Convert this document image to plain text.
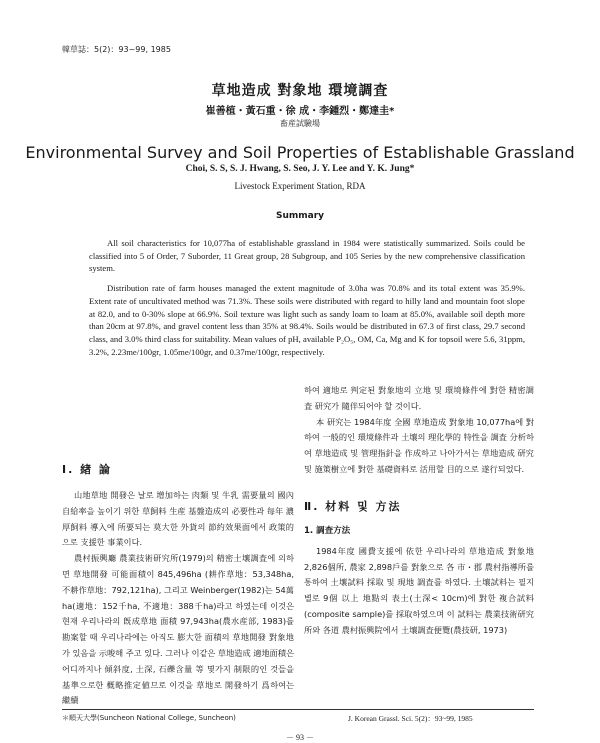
韓草誌：5(2)：93~99, 1985
草地造成 對象地 環境調査
崔善植・黃石重・徐 成・李鍾烈・鄭達圭*
畜産試驗場
Environmental Survey and Soil Properties of Establishable Grassland
Choi, S. S, S. J. Hwang, S. Seo, J. Y. Lee and Y. K. Jung*
Livestock Experiment Station, RDA
Summary

All soil characteristics for 10,077ha of establishable grassland in 1984 were statistically summarized. Soils could be classified into 5 of Order, 7 Suborder, 11 Great group, 28 Subgroup, and 105 Series by the new comprehensive classification system.

Distribution rate of farm houses managed the extent magnitude of 3.0ha was 70.8% and its total extent was 35.9%. Extent rate of uncultivated method was 71.3%. These soils were distributed with regard to hilly land and mountain foot slope at 82.0, and to 0-30% slope at 66.9%. Soil texture was light such as sandy loam to loam at 85.0%, available soil depth more than 20cm at 97.8%, and gravel content less than 35% at 98.4%. Soils would be distributed in 67.3 of first class, 29.7 second class, and 3.0% third class for suitability. Mean values of pH, available P₂O₅, OM, Ca, Mg and K for topsoil were 5.6, 31ppm, 3.2%, 2.23me/100gr, 1.05me/100gr, and 0.37me/100gr, respectively.

Ⅰ. 緖 論

山地草地 開發은 날로 增加하는 肉類 및 牛乳 需要量의 國內 自給率을 높이기 위한 草飼料 生産 基盤造成의 必要性과 每年 濃厚飼料 導入에 所要되는 莫大한 外貨의 節約效果面에서 政策的으로 支援한 事業이다.

農村振興廳 農業技術研究所(1979)의 精密土壤調査에 의하면 草地開發 可能面積이 845,496ha (耕作草地：53,348ha, 不耕作草地：792,121ha), 그리고 Weinberger(1982)는 54萬ha(適地：152千ha, 不適地：388千ha)라고 하였는데 이것은 현재 우리나라의 旣成草地 面積 97,943ha(農水産部, 1983)를 勘案할 때 우리나라에는 아직도 膨大한 面積의 草地開發 對象地가 있음을 示唆해 주고 있다. 그러나 이같은 草地造成 適地面積은 어디까지나 傾斜度, 土深, 石礫含量 等 몇가지 制限的인 것들을 基準으로한 概略推定値므로 이것을 草地로 開發하기 爲하여는 繼續

하여 適地로 判定된 對象地의 立地 및 環境條件에 對한 精密調査 研究가 隨伴되어야 할 것이다.

本 研究는 1984年度 全國 草地造成 對象地 10,077ha에 對하여 一般的인 環境條件과 土壤의 理化學的 特性을 調査 分析하여 草地造成 및 管理指針을 作成하고 나아가서는 草地造成 研究 및 施策樹立에 對한 基礎資料로 活用할 目的으로 遂行되었다.

Ⅱ. 材料 및 方法
1. 調査方法

1984年度 國費支援에 依한 우리나라의 草地造成 對象地 2,826個所, 農家 2,898戶를 對象으로 各 市・郡 農村指導所를 통하여 土壤試料 採取 및 現地 調査를 하였다. 土壤試料는 필지별로 9個 以上 地點의 表土(土深< 10cm)에 對한 複合試料(composite sample)를 採取하였으며 이 試料는 農業技術研究所와 各道 農村振興院에서 土壤調査便覽(農技研, 1973)

＊順天大學(Suncheon National College, Suncheon)	J. Korean Grassl. Sci. 5(2)：93~99, 1985
－ 93 －
